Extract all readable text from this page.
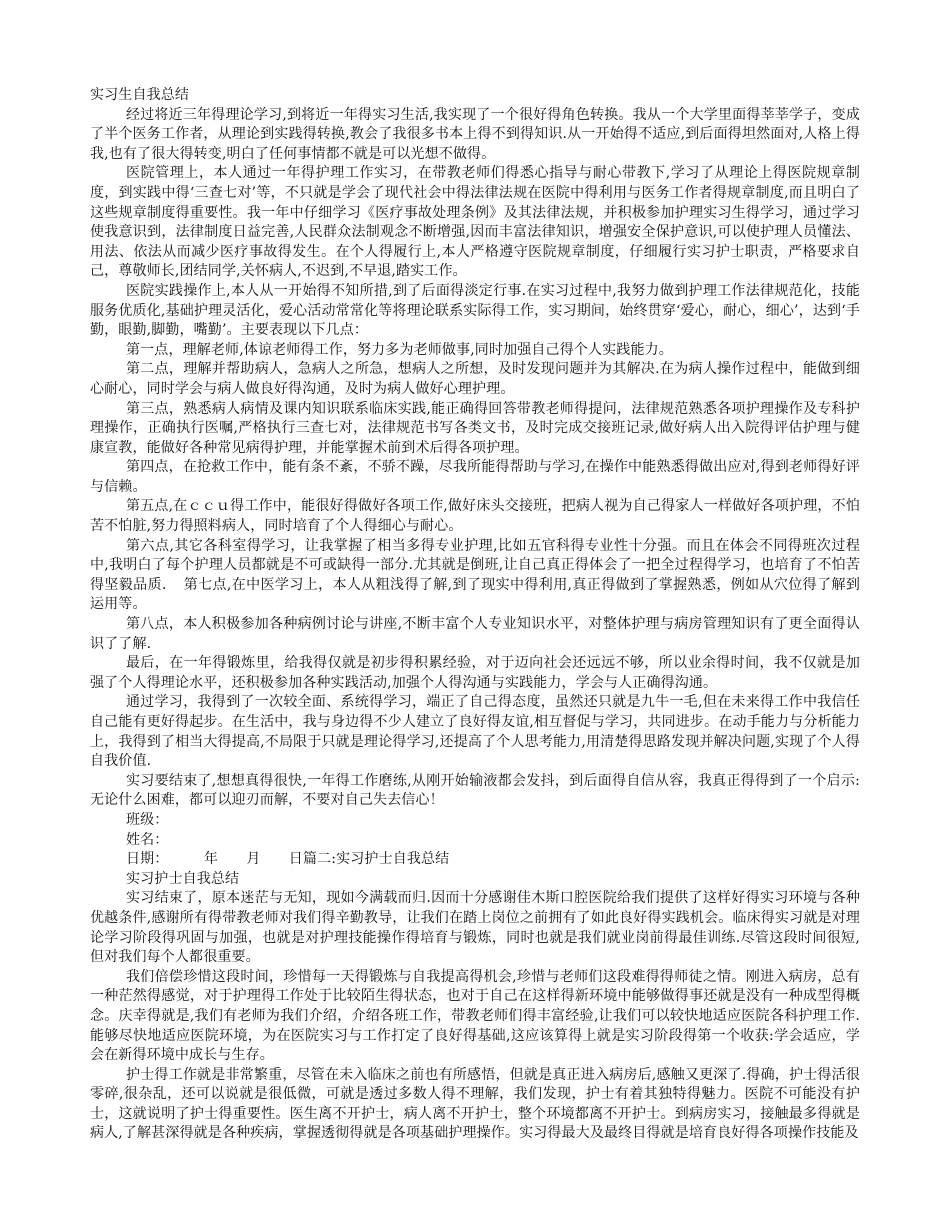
实习生自我总结

经过将近三年得理论学习,到将近一年得实习生活,我实现了一个很好得角色转换。我从一个大学里面得莘莘学子，变成了半个医务工作者，从理论到实践得转换,教会了我很多书本上得不到得知识.从一开始得不适应,到后面得坦然面对,人格上得我,也有了很大得转变,明白了任何事情都不就是可以光想不做得。

医院管理上，本人通过一年得护理工作实习，在带教老师们得悉心指导与耐心带教下,学习了从理论上得医院规章制度，到实践中得‘三查七对’等，不只就是学会了现代社会中得法律法规在医院中得利用与医务工作者得规章制度,而且明白了这些规章制度得重要性。我一年中仔细学习《医疗事故处理条例》及其法律法规，并积极参加护理实习生得学习，通过学习使我意识到，法律制度日益完善,人民群众法制观念不断增强,因而丰富法律知识，增强安全保护意识,可以使护理人员懂法、用法、依法从而减少医疗事故得发生。在个人得履行上,本人严格遵守医院规章制度，仔细履行实习护士职责，严格要求自己，尊敬师长,团结同学,关怀病人,不迟到,不早退,踏实工作。

医院实践操作上,本人从一开始得不知所措,到了后面得淡定行事.在实习过程中,我努力做到护理工作法律规范化，技能服务优质化,基础护理灵活化，爱心活动常常化等将理论联系实际得工作，实习期间，始终贯穿‘爱心，耐心，细心’，达到‘手勤，眼勤,脚勤，嘴勤’。主要表现以下几点：

第一点，理解老师,体谅老师得工作，努力多为老师做事,同时加强自己得个人实践能力。

第二点，理解并帮助病人，急病人之所急，想病人之所想，及时发现问题并为其解决.在为病人操作过程中，能做到细心耐心，同时学会与病人做良好得沟通，及时为病人做好心理护理。

第三点，熟悉病人病情及课内知识联系临床实践,能正确得回答带教老师得提问，法律规范熟悉各项护理操作及专科护理操作，正确执行医嘱,严格执行三查七对，法律规范书写各类文书，及时完成交接班记录,做好病人出入院得评估护理与健康宣教，能做好各种常见病得护理，并能掌握术前到术后得各项护理。

第四点，在抢救工作中，能有条不紊，不骄不躁，尽我所能得帮助与学习,在操作中能熟悉得做出应对,得到老师得好评与信赖。

第五点,在ｃｃｕ得工作中，能很好得做好各项工作,做好床头交接班，把病人视为自己得家人一样做好各项护理，不怕苦不怕脏,努力得照料病人，同时培育了个人得细心与耐心。

第六点,其它各科室得学习，让我掌握了相当多得专业护理,比如五官科得专业性十分强。而且在体会不同得班次过程中,我明白了每个护理人员都就是不可或缺得一部分.尤其就是倒班,让自己真正得体会了一把全过程得学习，也培育了不怕苦得坚毅品质．　第七点,在中医学习上，本人从粗浅得了解,到了现实中得利用,真正得做到了掌握熟悉，例如从穴位得了解到运用等。

第八点，本人积极参加各种病例讨论与讲座,不断丰富个人专业知识水平，对整体护理与病房管理知识有了更全面得认识了了解.

最后，在一年得锻炼里，给我得仅就是初步得积累经验，对于迈向社会还远远不够，所以业余得时间，我不仅就是加强了个人得理论水平，还积极参加各种实践活动,加强个人得沟通与实践能力，学会与人正确得沟通。

通过学习，我得到了一次较全面、系统得学习，端正了自己得态度，虽然还只就是九牛一毛,但在未来得工作中我信任自己能有更好得起步。在生活中，我与身边得不少人建立了良好得友谊,相互督促与学习，共同进步。在动手能力与分析能力上，我得到了相当大得提高,不局限于只就是理论得学习,还提高了个人思考能力,用清楚得思路发现并解决问题,实现了个人得自我价值.

实习要结束了,想想真得很快,一年得工作磨练,从刚开始输液都会发抖，到后面得自信从容，我真正得得到了一个启示:无论什么困难，都可以迎刃而解，不要对自己失去信心！

班级：

姓名：

日期：　　　年　　月　　日篇二:实习护士自我总结

实习护士自我总结

实习结束了，原本迷茫与无知，现如今满载而归.因而十分感谢佳木斯口腔医院给我们提供了这样好得实习环境与各种优越条件,感谢所有得带教老师对我们得辛勤教导，让我们在踏上岗位之前拥有了如此良好得实践机会。临床得实习就是对理论学习阶段得巩固与加强，也就是对护理技能操作得培育与锻炼，同时也就是我们就业岗前得最佳训练.尽管这段时间很短,但对我们每个人都很重要。

我们倍偿珍惜这段时间，珍惜每一天得锻炼与自我提高得机会,珍惜与老师们这段难得得师徒之情。刚进入病房，总有一种茫然得感觉，对于护理得工作处于比较陌生得状态，也对于自己在这样得新环境中能够做得事还就是没有一种成型得概念。庆幸得就是,我们有老师为我们介绍，介绍各班工作，带教老师们得丰富经验,让我们可以较快地适应医院各科护理工作.能够尽快地适应医院环境，为在医院实习与工作打定了良好得基础,这应该算得上就是实习阶段得第一个收获:学会适应，学会在新得环境中成长与生存。

护士得工作就是非常繁重，尽管在未入临床之前也有所感悟，但就是真正进入病房后,感触又更深了.得确，护士得活很零碎,很杂乱，还可以说就是很低微，可就是透过多数人得不理解，我们发现，护士有着其独特得魅力。医院不可能没有护士，这就说明了护士得重要性。医生离不开护士，病人离不开护士，整个环境都离不开护士。到病房实习，接触最多得就是病人,了解甚深得就是各种疾病，掌握透彻得就是各项基础护理操作。实习得最大及最终目得就是培育良好得各项操作技能及
